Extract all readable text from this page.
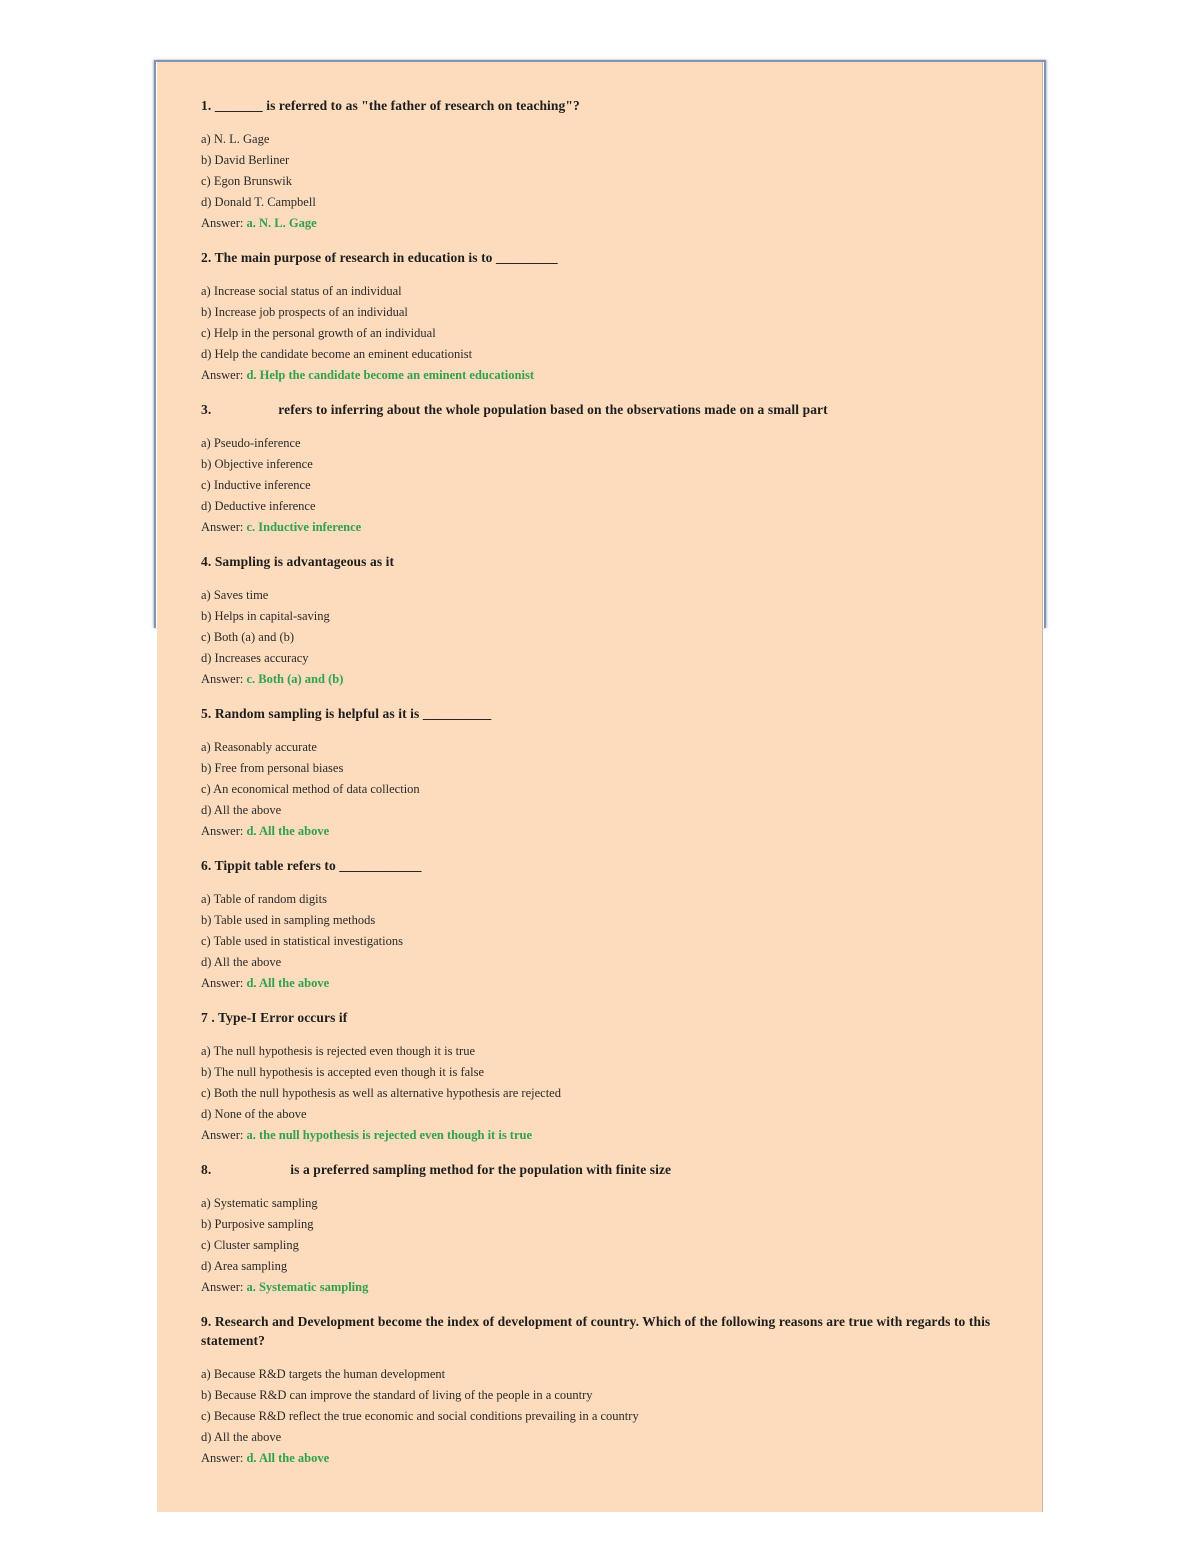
1. _______ is referred to as "the father of research on teaching"?

a) N. L. Gage

b) David Berliner

c) Egon Brunswik

d) Donald T. Campbell

Answer: a. N. L. Gage

2. The main purpose of research in education is to _________

a) Increase social status of an individual

b) Increase job prospects of an individual

c) Help in the personal growth of an individual

d) Help the candidate become an eminent educationist

Answer: d. Help the candidate become an eminent educationist

3.	refers to inferring about the whole population based on the observations made on a small part

a) Pseudo-inference

b) Objective inference

c) Inductive inference

d) Deductive inference

Answer: c. Inductive inference

4. Sampling is advantageous as it

a) Saves time

b) Helps in capital-saving

c) Both (a) and (b)

d) Increases accuracy

Answer: c. Both (a) and (b)

5. Random sampling is helpful as it is __________

a) Reasonably accurate

b) Free from personal biases

c) An economical method of data collection

d) All the above

Answer: d. All the above

6. Tippit table refers to ____________

a) Table of random digits

b) Table used in sampling methods

c) Table used in statistical investigations

d) All the above

Answer: d. All the above

7 . Type-I Error occurs if

a) The null hypothesis is rejected even though it is true

b) The null hypothesis is accepted even though it is false

c) Both the null hypothesis as well as alternative hypothesis are rejected

d) None of the above

Answer: a. the null hypothesis is rejected even though it is true

8.	is a preferred sampling method for the population with finite size

a) Systematic sampling

b) Purposive sampling

c) Cluster sampling

d) Area sampling

Answer: a. Systematic sampling

9. Research and Development become the index of development of country. Which of the following reasons are true with regards to this statement?

a) Because R&D targets the human development

b) Because R&D can improve the standard of living of the people in a country

c) Because R&D reflect the true economic and social conditions prevailing in a country

d) All the above

Answer: d. All the above
